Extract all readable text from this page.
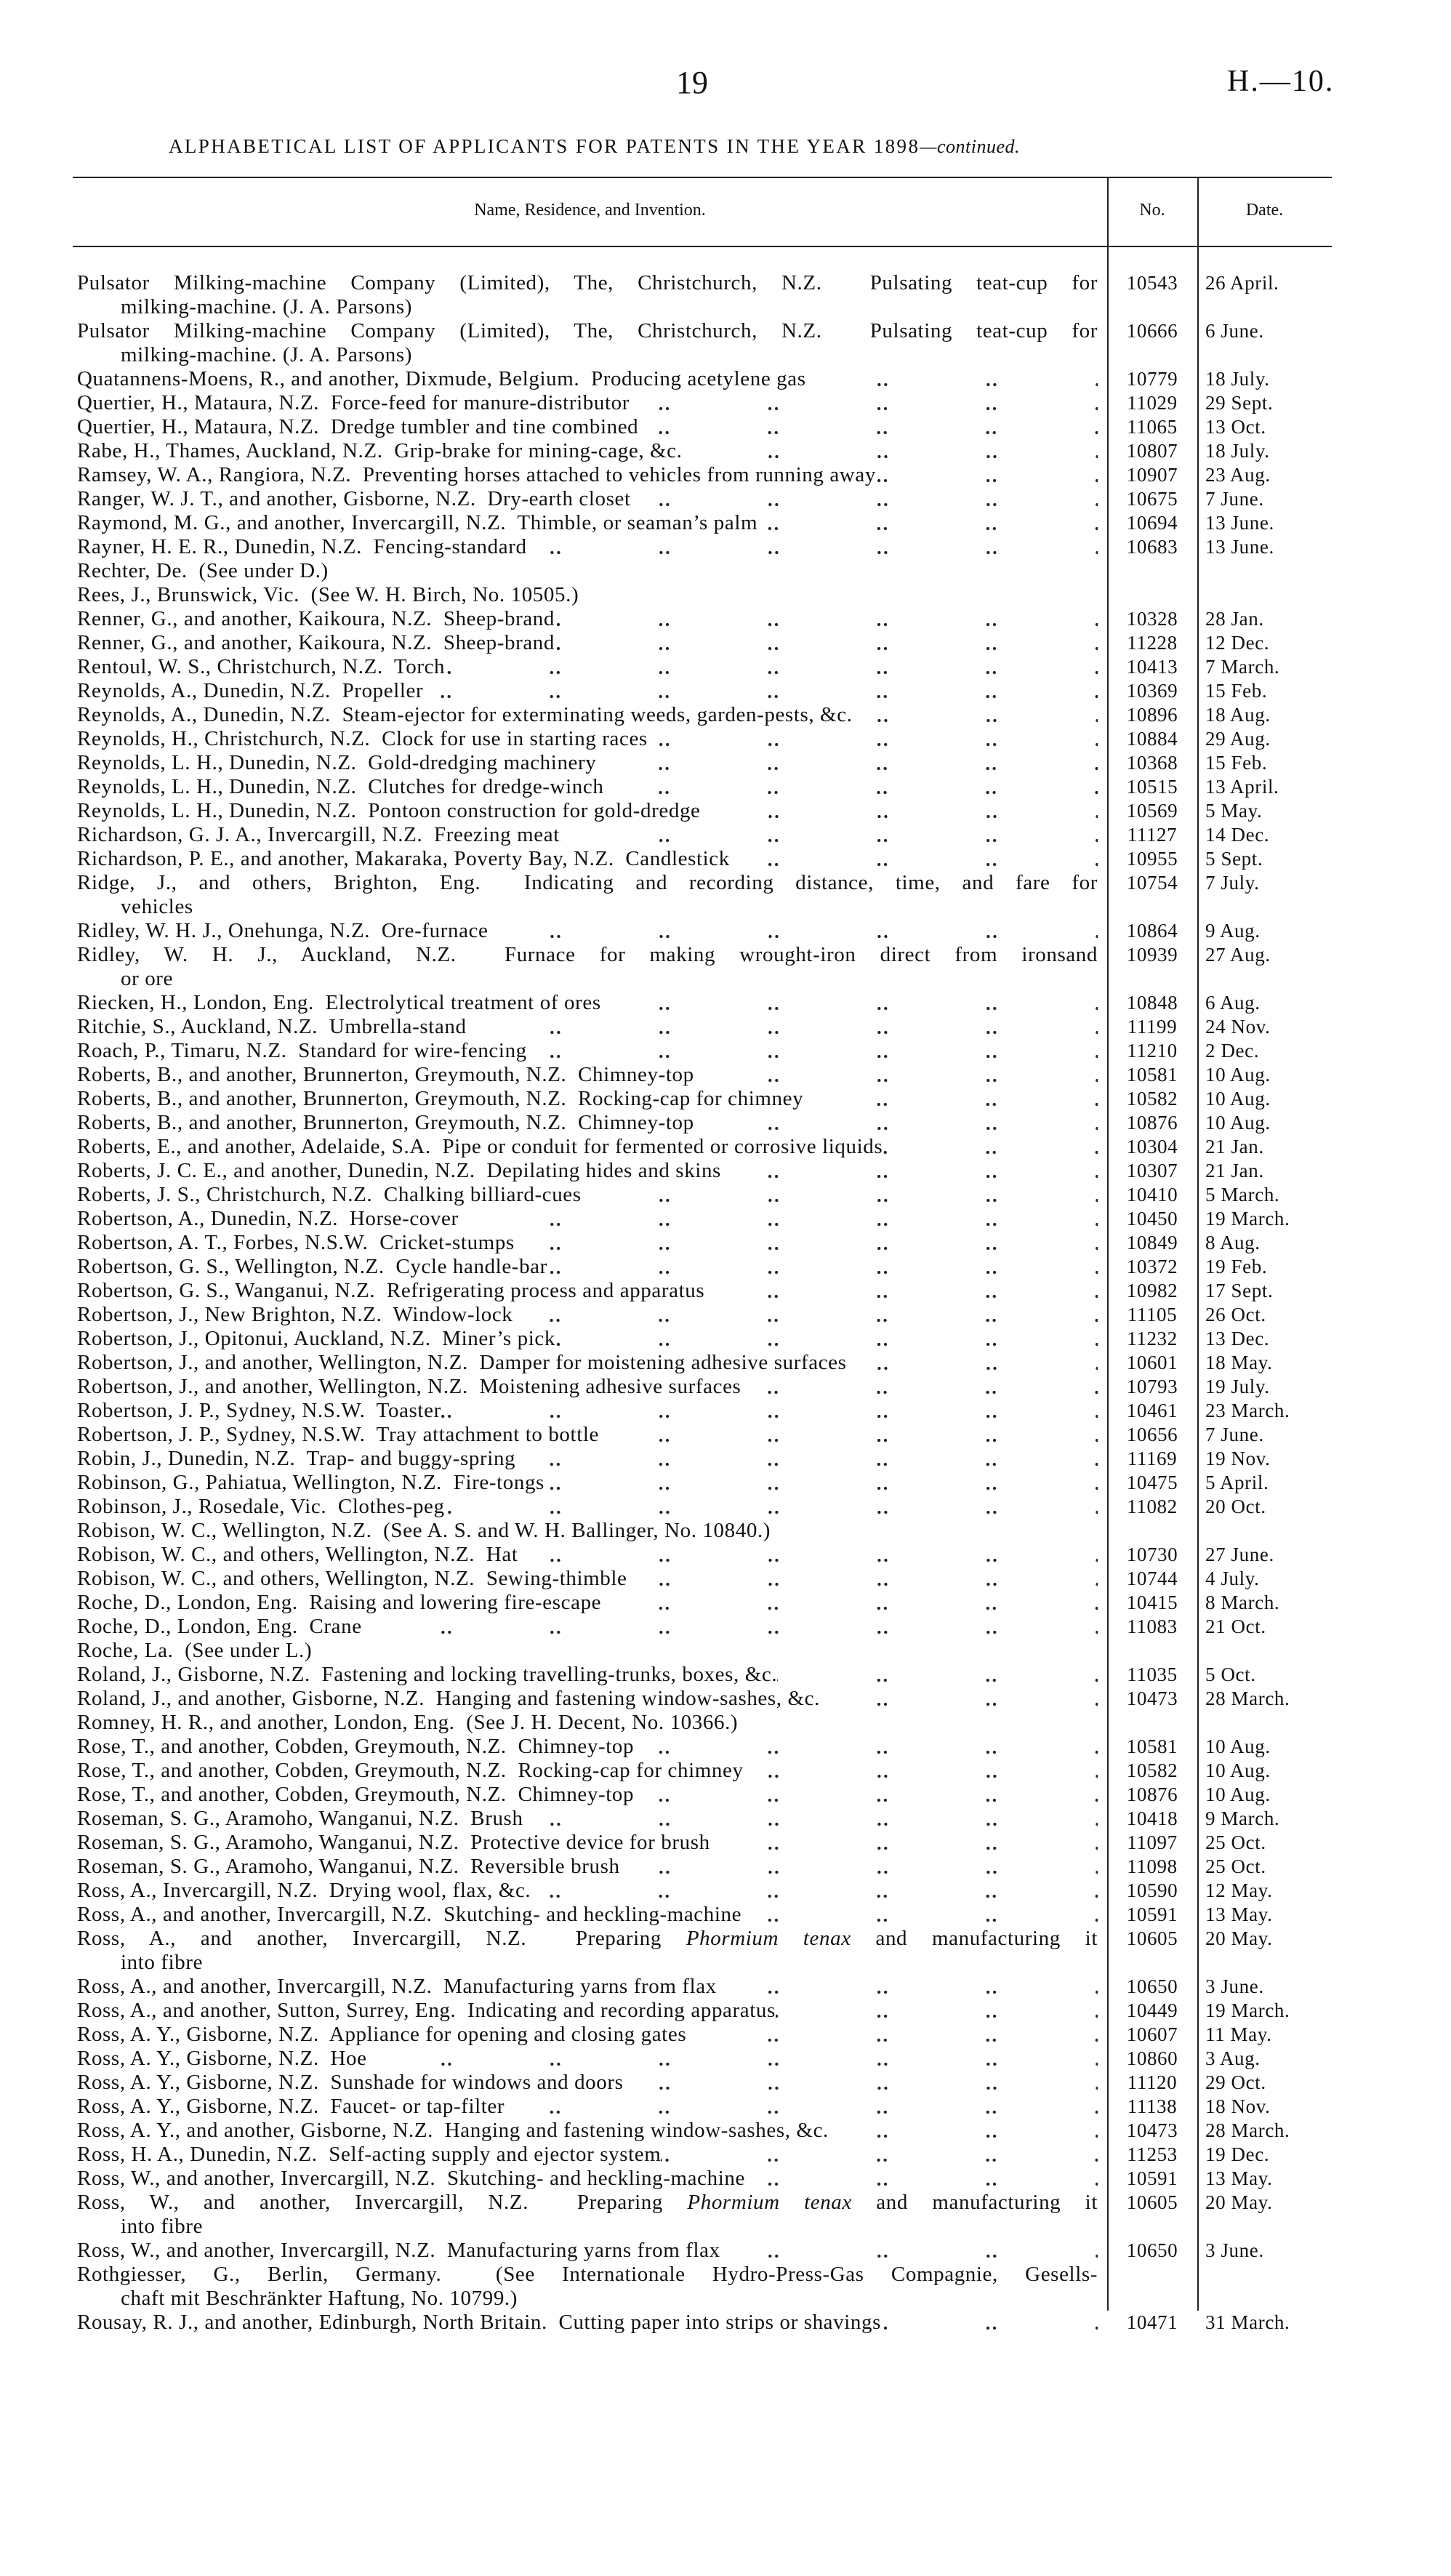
19	H.—10.
ALPHABETICAL LIST OF APPLICANTS FOR PATENTS IN THE YEAR 1898—continued.
Name, Residence, and Invention.	No.	Date.
Pulsator Milking-machine Company (Limited), The, Christchurch, N.Z.  Pulsating teat-cup for	10543	26 April.
milking-machine. (J. A. Parsons)
Pulsator Milking-machine Company (Limited), The, Christchurch, N.Z.  Pulsating teat-cup for	10666	6 June.
milking-machine. (J. A. Parsons)
Quatannens-Moens, R., and another, Dixmude, Belgium.  Producing acetylene gas	10779	18 July.
Quertier, H., Mataura, N.Z.  Force-feed for manure-distributor	11029	29 Sept.
Quertier, H., Mataura, N.Z.  Dredge tumbler and tine combined	11065	13 Oct.
Rabe, H., Thames, Auckland, N.Z.  Grip-brake for mining-cage, &c.	10807	18 July.
Ramsey, W. A., Rangiora, N.Z.  Preventing horses attached to vehicles from running away	10907	23 Aug.
Ranger, W. J. T., and another, Gisborne, N.Z.  Dry-earth closet	10675	7 June.
Raymond, M. G., and another, Invercargill, N.Z.  Thimble, or seaman’s palm	10694	13 June.
Rayner, H. E. R., Dunedin, N.Z.  Fencing-standard	10683	13 June.
Rechter, De.  (See under D.)
Rees, J., Brunswick, Vic.  (See W. H. Birch, No. 10505.)
Renner, G., and another, Kaikoura, N.Z.  Sheep-brand	10328	28 Jan.
Renner, G., and another, Kaikoura, N.Z.  Sheep-brand	11228	12 Dec.
Rentoul, W. S., Christchurch, N.Z.  Torch	10413	7 March.
Reynolds, A., Dunedin, N.Z.  Propeller	10369	15 Feb.
Reynolds, A., Dunedin, N.Z.  Steam-ejector for exterminating weeds, garden-pests, &c.	10896	18 Aug.
Reynolds, H., Christchurch, N.Z.  Clock for use in starting races	10884	29 Aug.
Reynolds, L. H., Dunedin, N.Z.  Gold-dredging machinery	10368	15 Feb.
Reynolds, L. H., Dunedin, N.Z.  Clutches for dredge-winch	10515	13 April.
Reynolds, L. H., Dunedin, N.Z.  Pontoon construction for gold-dredge	10569	5 May.
Richardson, G. J. A., Invercargill, N.Z.  Freezing meat	11127	14 Dec.
Richardson, P. E., and another, Makaraka, Poverty Bay, N.Z.  Candlestick	10955	5 Sept.
Ridge, J., and others, Brighton, Eng.  Indicating and recording distance, time, and fare for	10754	7 July.
vehicles
Ridley, W. H. J., Onehunga, N.Z.  Ore-furnace	10864	9 Aug.
Ridley, W. H. J., Auckland, N.Z.  Furnace for making wrought-iron direct from ironsand	10939	27 Aug.
or ore
Riecken, H., London, Eng.  Electrolytical treatment of ores	10848	6 Aug.
Ritchie, S., Auckland, N.Z.  Umbrella-stand	11199	24 Nov.
Roach, P., Timaru, N.Z.  Standard for wire-fencing	11210	2 Dec.
Roberts, B., and another, Brunnerton, Greymouth, N.Z.  Chimney-top	10581	10 Aug.
Roberts, B., and another, Brunnerton, Greymouth, N.Z.  Rocking-cap for chimney	10582	10 Aug.
Roberts, B., and another, Brunnerton, Greymouth, N.Z.  Chimney-top	10876	10 Aug.
Roberts, E., and another, Adelaide, S.A.  Pipe or conduit for fermented or corrosive liquids	10304	21 Jan.
Roberts, J. C. E., and another, Dunedin, N.Z.  Depilating hides and skins	10307	21 Jan.
Roberts, J. S., Christchurch, N.Z.  Chalking billiard-cues	10410	5 March.
Robertson, A., Dunedin, N.Z.  Horse-cover	10450	19 March.
Robertson, A. T., Forbes, N.S.W.  Cricket-stumps	10849	8 Aug.
Robertson, G. S., Wellington, N.Z.  Cycle handle-bar	10372	19 Feb.
Robertson, G. S., Wanganui, N.Z.  Refrigerating process and apparatus	10982	17 Sept.
Robertson, J., New Brighton, N.Z.  Window-lock	11105	26 Oct.
Robertson, J., Opitonui, Auckland, N.Z.  Miner’s pick	11232	13 Dec.
Robertson, J., and another, Wellington, N.Z.  Damper for moistening adhesive surfaces	10601	18 May.
Robertson, J., and another, Wellington, N.Z.  Moistening adhesive surfaces	10793	19 July.
Robertson, J. P., Sydney, N.S.W.  Toaster	10461	23 March.
Robertson, J. P., Sydney, N.S.W.  Tray attachment to bottle	10656	7 June.
Robin, J., Dunedin, N.Z.  Trap- and buggy-spring	11169	19 Nov.
Robinson, G., Pahiatua, Wellington, N.Z.  Fire-tongs	10475	5 April.
Robinson, J., Rosedale, Vic.  Clothes-peg	11082	20 Oct.
Robison, W. C., Wellington, N.Z.  (See A. S. and W. H. Ballinger, No. 10840.)
Robison, W. C., and others, Wellington, N.Z.  Hat	10730	27 June.
Robison, W. C., and others, Wellington, N.Z.  Sewing-thimble	10744	4 July.
Roche, D., London, Eng.  Raising and lowering fire-escape	10415	8 March.
Roche, D., London, Eng.  Crane	11083	21 Oct.
Roche, La.  (See under L.)
Roland, J., Gisborne, N.Z.  Fastening and locking travelling-trunks, boxes, &c.	11035	5 Oct.
Roland, J., and another, Gisborne, N.Z.  Hanging and fastening window-sashes, &c.	10473	28 March.
Romney, H. R., and another, London, Eng.  (See J. H. Decent, No. 10366.)
Rose, T., and another, Cobden, Greymouth, N.Z.  Chimney-top	10581	10 Aug.
Rose, T., and another, Cobden, Greymouth, N.Z.  Rocking-cap for chimney	10582	10 Aug.
Rose, T., and another, Cobden, Greymouth, N.Z.  Chimney-top	10876	10 Aug.
Roseman, S. G., Aramoho, Wanganui, N.Z.  Brush	10418	9 March.
Roseman, S. G., Aramoho, Wanganui, N.Z.  Protective device for brush	11097	25 Oct.
Roseman, S. G., Aramoho, Wanganui, N.Z.  Reversible brush	11098	25 Oct.
Ross, A., Invercargill, N.Z.  Drying wool, flax, &c.	10590	12 May.
Ross, A., and another, Invercargill, N.Z.  Skutching- and heckling-machine	10591	13 May.
Ross, A., and another, Invercargill, N.Z.  Preparing Phormium tenax and manufacturing it	10605	20 May.
into fibre
Ross, A., and another, Invercargill, N.Z.  Manufacturing yarns from flax	10650	3 June.
Ross, A., and another, Sutton, Surrey, Eng.  Indicating and recording apparatus	10449	19 March.
Ross, A. Y., Gisborne, N.Z.  Appliance for opening and closing gates	10607	11 May.
Ross, A. Y., Gisborne, N.Z.  Hoe	10860	3 Aug.
Ross, A. Y., Gisborne, N.Z.  Sunshade for windows and doors	11120	29 Oct.
Ross, A. Y., Gisborne, N.Z.  Faucet- or tap-filter	11138	18 Nov.
Ross, A. Y., and another, Gisborne, N.Z.  Hanging and fastening window-sashes, &c.	10473	28 March.
Ross, H. A., Dunedin, N.Z.  Self-acting supply and ejector system	11253	19 Dec.
Ross, W., and another, Invercargill, N.Z.  Skutching- and heckling-machine	10591	13 May.
Ross, W., and another, Invercargill, N.Z.  Preparing Phormium tenax and manufacturing it	10605	20 May.
into fibre
Ross, W., and another, Invercargill, N.Z.  Manufacturing yarns from flax	10650	3 June.
Rothgiesser, G., Berlin, Germany.  (See Internationale Hydro-Press-Gas Compagnie, Gesells-
chaft mit Beschränkter Haftung, No. 10799.)
Rousay, R. J., and another, Edinburgh, North Britain.  Cutting paper into strips or shavings	10471	31 March.
